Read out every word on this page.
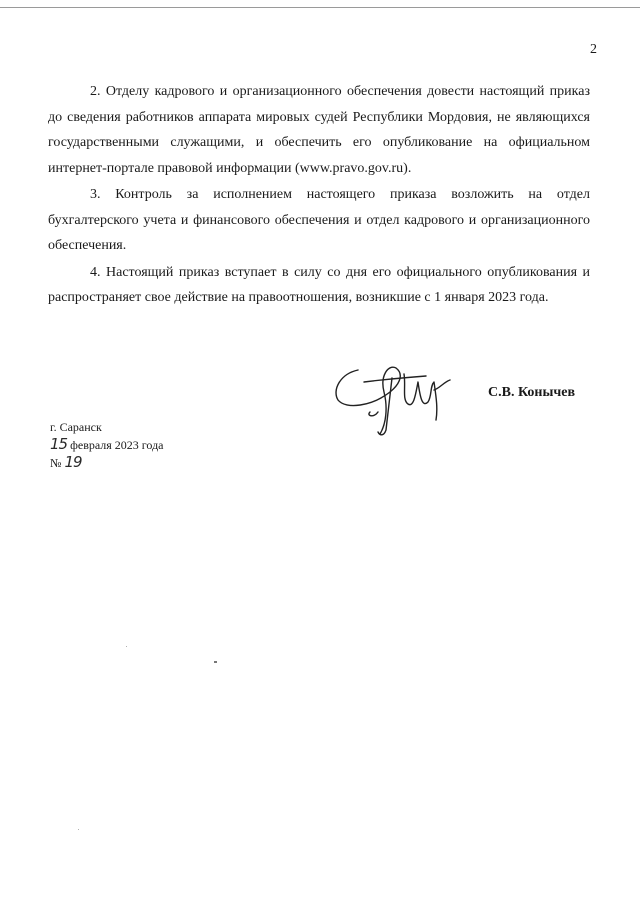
2

2. Отделу кадрового и организационного обеспечения довести настоящий приказ до сведения работников аппарата мировых судей Республики Мордовия, не являющихся государственными служащими, и обеспечить его опубликование на официальном интернет-портале правовой информации (www.pravo.gov.ru).

3. Контроль за исполнением настоящего приказа возложить на отдел бухгалтерского учета и финансового обеспечения и отдел кадрового и организационного обеспечения.

4. Настоящий приказ вступает в силу со дня его официального опубликования и распространяет свое действие на правоотношения, возникшие с 1 января 2023 года.

С.В. Конычев
г. Саранск
15 февраля 2023 года
№ 19
